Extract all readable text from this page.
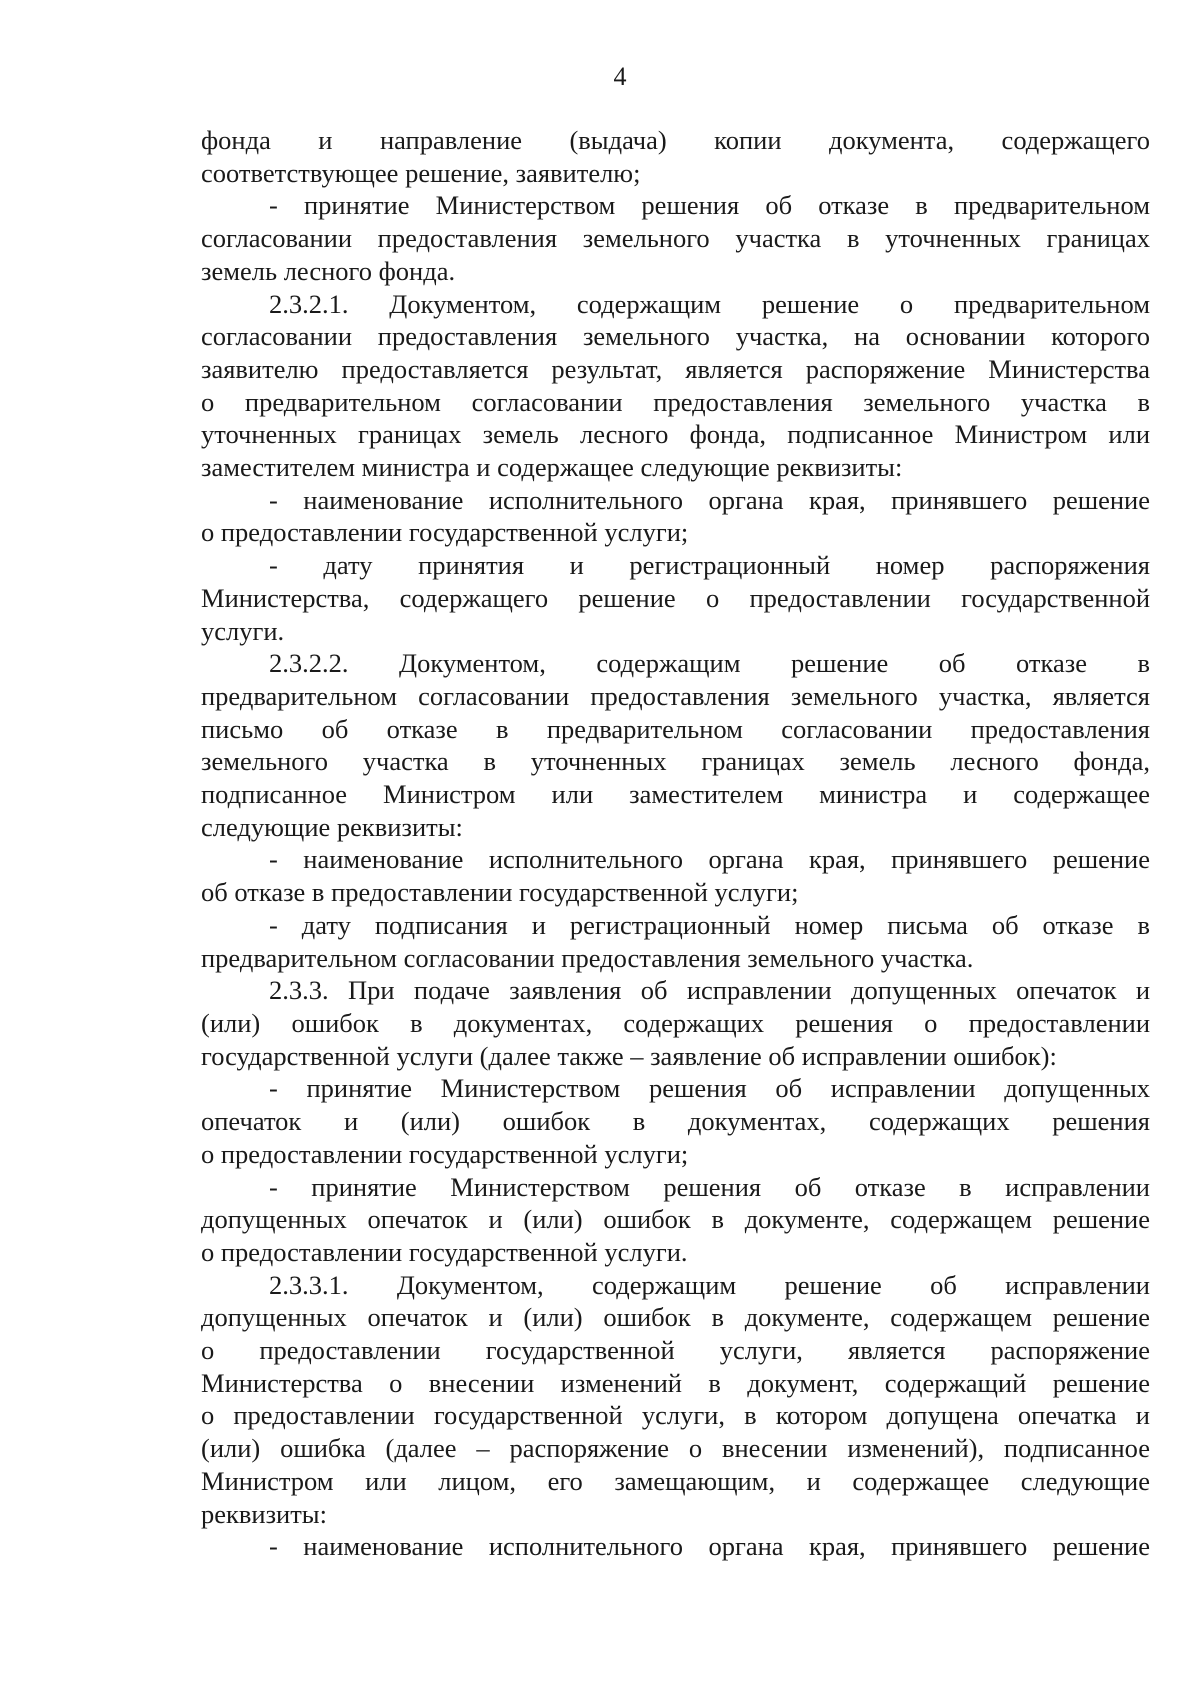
4

фонда и направление (выдача) копии документа, содержащего

соответствующее решение, заявителю;

- принятие Министерством решения об отказе в предварительном

согласовании предоставления земельного участка в уточненных границах

земель лесного фонда.

2.3.2.1. Документом, содержащим решение о предварительном

согласовании предоставления земельного участка, на основании которого

заявителю предоставляется результат, является распоряжение Министерства

о предварительном согласовании предоставления земельного участка в

уточненных границах земель лесного фонда, подписанное Министром или

заместителем министра и содержащее следующие реквизиты:

- наименование исполнительного органа края, принявшего решение

о предоставлении государственной услуги;

- дату принятия и регистрационный номер распоряжения

Министерства, содержащего решение о предоставлении государственной

услуги.

2.3.2.2. Документом, содержащим решение об отказе в

предварительном согласовании предоставления земельного участка, является

письмо об отказе в предварительном согласовании предоставления

земельного участка в уточненных границах земель лесного фонда,

подписанное Министром или заместителем министра и содержащее

следующие реквизиты:

- наименование исполнительного органа края, принявшего решение

об отказе в предоставлении государственной услуги;

- дату подписания и регистрационный номер письма об отказе в

предварительном согласовании предоставления земельного участка.

2.3.3. При подаче заявления об исправлении допущенных опечаток и

(или) ошибок в документах, содержащих решения о предоставлении

государственной услуги (далее также – заявление об исправлении ошибок):

- принятие Министерством решения об исправлении допущенных

опечаток и (или) ошибок в документах, содержащих решения

о предоставлении государственной услуги;

- принятие Министерством решения об отказе в исправлении

допущенных опечаток и (или) ошибок в документе, содержащем решение

о предоставлении государственной услуги.

2.3.3.1. Документом, содержащим решение об исправлении

допущенных опечаток и (или) ошибок в документе, содержащем решение

о предоставлении государственной услуги, является распоряжение

Министерства о внесении изменений в документ, содержащий решение

о предоставлении государственной услуги, в котором допущена опечатка и

(или) ошибка (далее – распоряжение о внесении изменений), подписанное

Министром или лицом, его замещающим, и содержащее следующие

реквизиты:

- наименование исполнительного органа края, принявшего решение
